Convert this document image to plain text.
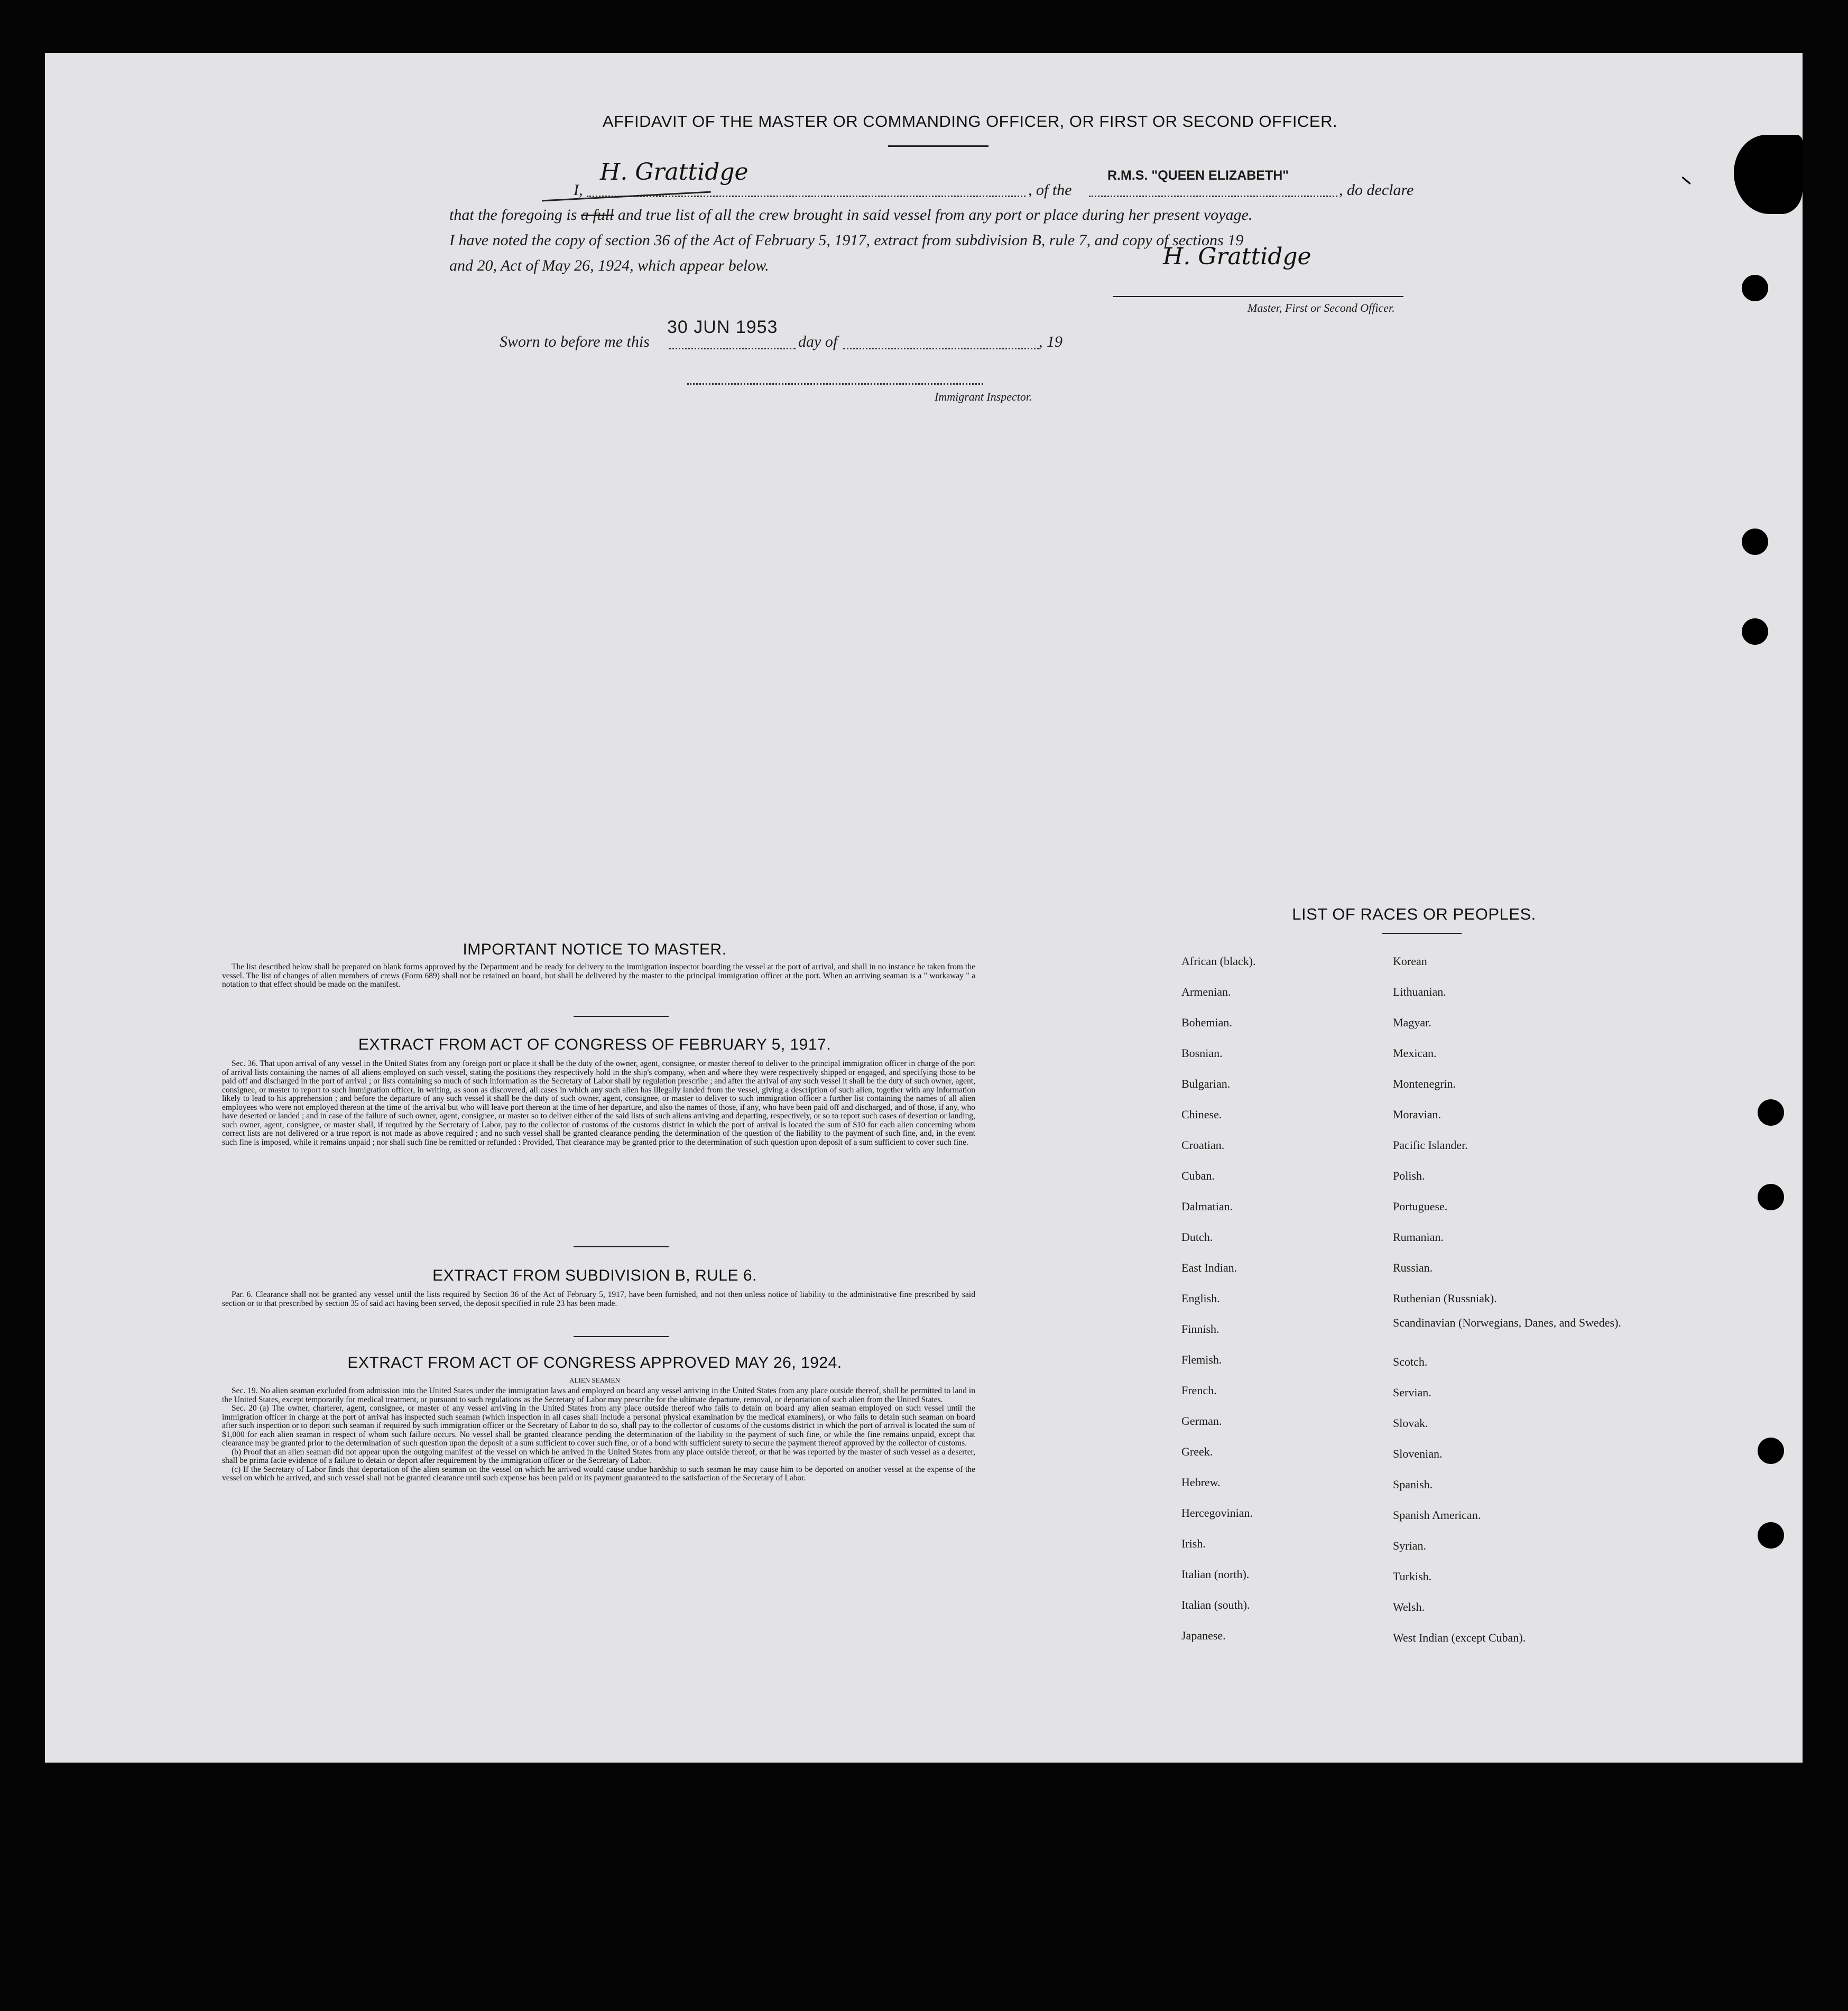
AFFIDAVIT OF THE MASTER OR COMMANDING OFFICER, OR FIRST OR SECOND OFFICER.
I,
H. Grattidge
, of the
R.M.S. "QUEEN ELIZABETH"
, do declare
that the foregoing is a full and true list of all the crew brought in said vessel from any port or place during her present voyage.
I have noted the copy of section 36 of the Act of February 5, 1917, extract from subdivision B, rule 7, and copy of sections 19
and 20, Act of May 26, 1924, which appear below.	H. Grattidge
Master, First or Second Officer.
Sworn to before me this
30 JUN 1953
day of	, 19
Immigrant Inspector.
IMPORTANT NOTICE TO MASTER.

The list described below shall be prepared on blank forms approved by the Department and be ready for delivery to the immigration inspector boarding the vessel at the port of arrival, and shall in no instance be taken from the vessel. The list of changes of alien members of crews (Form 689) shall not be retained on board, but shall be delivered by the master to the principal immigration officer at the port. When an arriving seaman is a " workaway " a notation to that effect should be made on the manifest.

EXTRACT FROM ACT OF CONGRESS OF FEBRUARY 5, 1917.

Sec. 36. That upon arrival of any vessel in the United States from any foreign port or place it shall be the duty of the owner, agent, consignee, or master thereof to deliver to the principal immigration officer in charge of the port of arrival lists containing the names of all aliens employed on such vessel, stating the positions they respectively hold in the ship's company, when and where they were respectively shipped or engaged, and specifying those to be paid off and discharged in the port of arrival ; or lists containing so much of such information as the Secretary of Labor shall by regulation prescribe ; and after the arrival of any such vessel it shall be the duty of such owner, agent, consignee, or master to report to such immigration officer, in writing, as soon as discovered, all cases in which any such alien has illegally landed from the vessel, giving a description of such alien, together with any information likely to lead to his apprehension ; and before the departure of any such vessel it shall be the duty of such owner, agent, consignee, or master to deliver to such immigration officer a further list containing the names of all alien employees who were not employed thereon at the time of the arrival but who will leave port thereon at the time of her departure, and also the names of those, if any, who have been paid off and discharged, and of those, if any, who have deserted or landed ; and in case of the failure of such owner, agent, consignee, or master so to deliver either of the said lists of such aliens arriving and departing, respectively, or so to report such cases of desertion or landing, such owner, agent, consignee, or master shall, if required by the Secretary of Labor, pay to the collector of customs of the customs district in which the port of arrival is located the sum of $10 for each alien concerning whom correct lists are not delivered or a true report is not made as above required ; and no such vessel shall be granted clearance pending the determination of the question of the liability to the payment of such fine, and, in the event such fine is imposed, while it remains unpaid ; nor shall such fine be remitted or refunded : Provided, That clearance may be granted prior to the determination of such question upon deposit of a sum sufficient to cover such fine.

EXTRACT FROM SUBDIVISION B, RULE 6.

Par. 6. Clearance shall not be granted any vessel until the lists required by Section 36 of the Act of February 5, 1917, have been furnished, and not then unless notice of liability to the administrative fine prescribed by said section or to that prescribed by section 35 of said act having been served, the deposit specified in rule 23 has been made.

EXTRACT FROM ACT OF CONGRESS APPROVED MAY 26, 1924.
ALIEN SEAMEN

Sec. 19. No alien seaman excluded from admission into the United States under the immigration laws and employed on board any vessel arriving in the United States from any place outside thereof, shall be permitted to land in the United States, except temporarily for medical treatment, or pursuant to such regulations as the Secretary of Labor may prescribe for the ultimate departure, removal, or deportation of such alien from the United States.

Sec. 20 (a) The owner, charterer, agent, consignee, or master of any vessel arriving in the United States from any place outside thereof who fails to detain on board any alien seaman employed on such vessel until the immigration officer in charge at the port of arrival has inspected such seaman (which inspection in all cases shall include a personal physical examination by the medical examiners), or who fails to detain such seaman on board after such inspection or to deport such seaman if required by such immigration officer or the Secretary of Labor to do so, shall pay to the collector of customs of the customs district in which the port of arrival is located the sum of $1,000 for each alien seaman in respect of whom such failure occurs. No vessel shall be granted clearance pending the determination of the liability to the payment of such fine, or while the fine remains unpaid, except that clearance may be granted prior to the determination of such question upon the deposit of a sum sufficient to cover such fine, or of a bond with sufficient surety to secure the payment thereof approved by the collector of customs.

(b) Proof that an alien seaman did not appear upon the outgoing manifest of the vessel on which he arrived in the United States from any place outside thereof, or that he was reported by the master of such vessel as a deserter, shall be prima facie evidence of a failure to detain or deport after requirement by the immigration officer or the Secretary of Labor.

(c) If the Secretary of Labor finds that deportation of the alien seaman on the vessel on which he arrived would cause undue hardship to such seaman he may cause him to be deported on another vessel at the expense of the vessel on which he arrived, and such vessel shall not be granted clearance until such expense has been paid or its payment guaranteed to the satisfaction of the Secretary of Labor.

LIST OF RACES OR PEOPLES.
African (black).
Armenian.
Bohemian.
Bosnian.
Bulgarian.
Chinese.
Croatian.
Cuban.
Dalmatian.
Dutch.
East Indian.
English.
Finnish.
Flemish.
French.
German.
Greek.
Hebrew.
Hercegovinian.
Irish.
Italian (north).
Italian (south).
Japanese.
Korean
Lithuanian.
Magyar.
Mexican.
Montenegrin.
Moravian.
Pacific Islander.
Polish.
Portuguese.
Rumanian.
Russian.
Ruthenian (Russniak).
Scandinavian (Norwegians, Danes, and Swedes).
Scotch.
Servian.
Slovak.
Slovenian.
Spanish.
Spanish American.
Syrian.
Turkish.
Welsh.
West Indian (except Cuban).
